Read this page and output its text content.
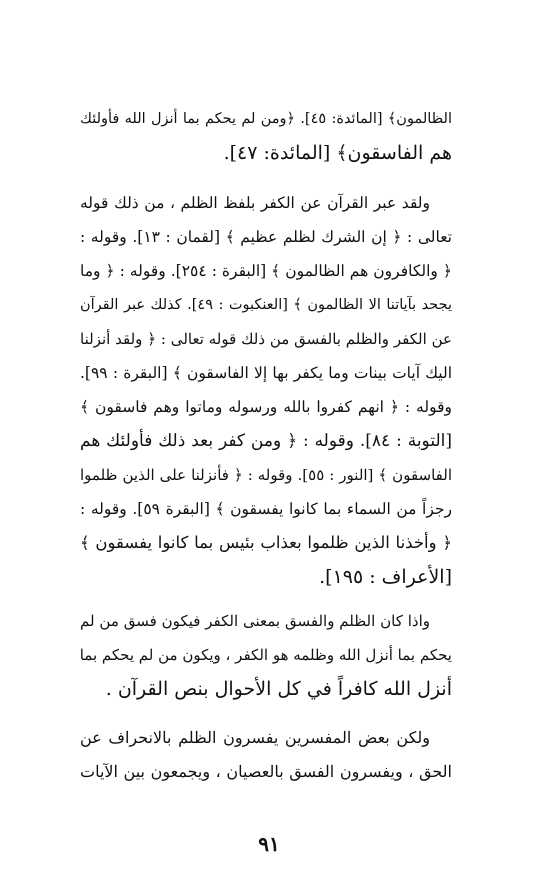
الظالمون﴾ [المائدة: ٤٥]. ﴿ومن لم يحكم بما أنزل الله فأولئك
هم الفاسقون﴾ [المائدة: ٤٧].
ولقد عبر القرآن عن الكفر بلفظ الظلم ، من ذلك قوله
تعالى : ﴿ إن الشرك لظلم عظيم ﴾ [لقمان : ١٣]. وقوله :
﴿ والكافرون هم الظالمون ﴾ [البقرة : ٢٥٤]. وقوله : ﴿ وما
يجحد بآياتنا الا الظالمون ﴾ [العنكبوت : ٤٩]. كذلك عبر القرآن
عن الكفر والظلم بالفسق من ذلك قوله تعالى : ﴿ ولقد أنزلنا
اليك آيات بينات وما يكفر بها إلا الفاسقون ﴾ [البقرة : ٩٩].
وقوله : ﴿ انهم كفروا بالله ورسوله وماتوا وهم فاسقون ﴾
[التوبة : ٨٤]. وقوله : ﴿ ومن كفر بعد ذلك فأولئك هم
الفاسقون ﴾ [النور : ٥٥]. وقوله : ﴿ فأنزلنا على الذين ظلموا
رجزاً من السماء بما كانوا يفسقون ﴾ [البقرة ٥٩]. وقوله :
﴿ وأخذنا الذين ظلموا بعذاب بئيس بما كانوا يفسقون ﴾
[الأعراف : ١٩٥].
واذا كان الظلم والفسق بمعنى الكفر فيكون فسق من لم
يحكم بما أنزل الله وظلمه هو الكفر ، ويكون من لم يحكم بما
أنزل الله كافراً في كل الأحوال بنص القرآن .
ولكن بعض المفسرين يفسرون الظلم بالانحراف عن
الحق ، ويفسرون الفسق بالعصيان ، ويجمعون بين الآيات
٩١
